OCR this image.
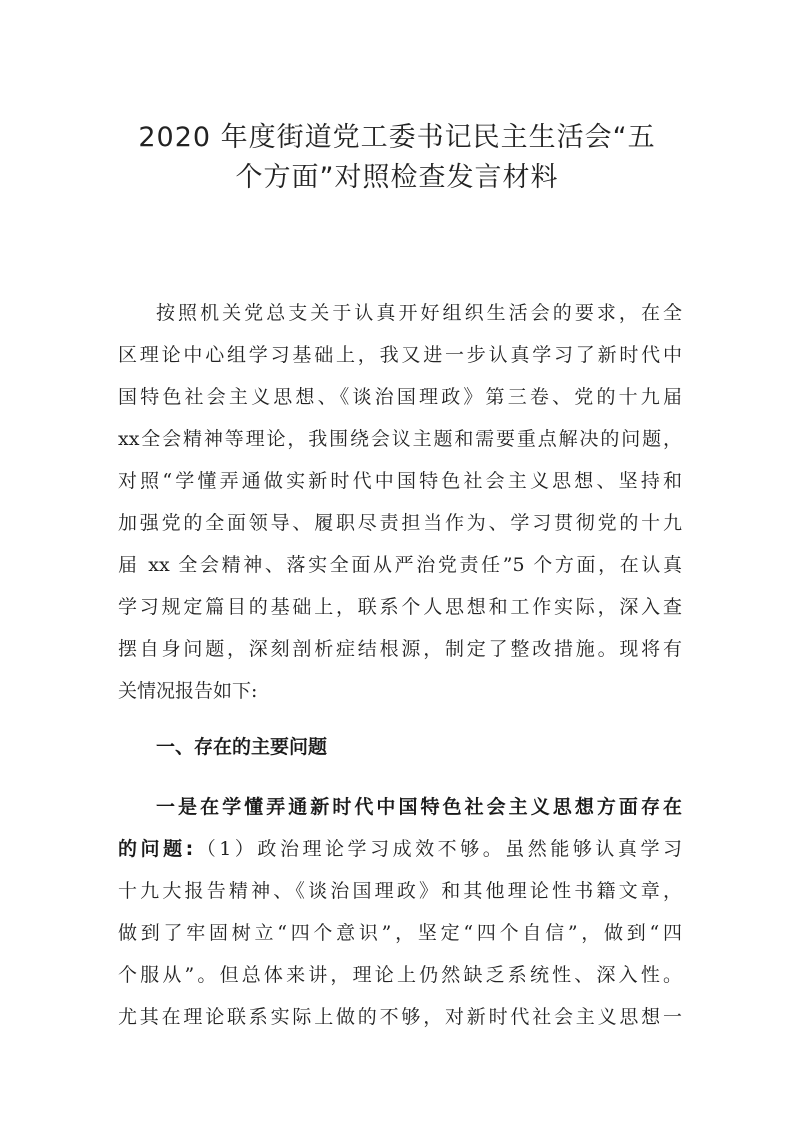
2020 年度街道党工委书记民主生活会“五
个方面”对照检查发言材料
按照机关党总支关于认真开好组织生活会的要求，在全
区理论中心组学习基础上，我又进一步认真学习了新时代中
国特色社会主义思想、《谈治国理政》第三卷、党的十九届
xx全会精神等理论，我围绕会议主题和需要重点解决的问题，
对照“学懂弄通做实新时代中国特色社会主义思想、坚持和
加强党的全面领导、履职尽责担当作为、学习贯彻党的十九
届 xx 全会精神、落实全面从严治党责任”5 个方面，在认真
学习规定篇目的基础上，联系个人思想和工作实际，深入查
摆自身问题，深刻剖析症结根源，制定了整改措施。现将有
关情况报告如下:
一、存在的主要问题
一是在学懂弄通新时代中国特色社会主义思想方面存在
的问题:（1）政治理论学习成效不够。虽然能够认真学习
十九大报告精神、《谈治国理政》和其他理论性书籍文章，
做到了牢固树立“四个意识”，坚定“四个自信”，做到“四
个服从”。但总体来讲，理论上仍然缺乏系统性、深入性。
尤其在理论联系实际上做的不够，对新时代社会主义思想一
